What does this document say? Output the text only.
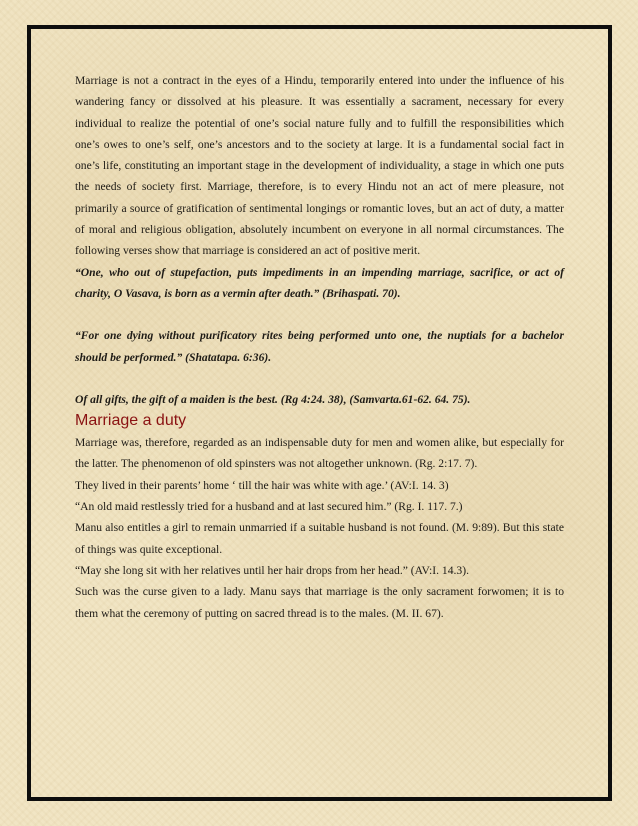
Marriage is not a contract in the eyes of a Hindu, temporarily entered into under the influence of his wandering fancy or dissolved at his pleasure. It was essentially a sacrament, necessary for every individual to realize the potential of one’s social nature fully and to fulfill the responsibilities which one’s owes to one’s self, one’s ancestors and to the society at large. It is a fundamental social fact in one’s life, constituting an important stage in the development of individuality, a stage in which one puts the needs of society first. Marriage, therefore, is to every Hindu not an act of mere pleasure, not primarily a source of gratification of sentimental longings or romantic loves, but an act of duty, a matter of moral and religious obligation, absolutely incumbent on everyone in all normal circumstances. The following verses show that marriage is considered an act of positive merit.

“One, who out of stupefaction, puts impediments in an impending marriage, sacrifice, or act of charity, O Vasava, is born as a vermin after death.” (Brihaspati. 70).

“For one dying without purificatory rites being performed unto one, the nuptials for a bachelor should be performed.” (Shatatapa. 6:36).

Of all gifts, the gift of a maiden is the best. (Rg 4:24. 38), (Samvarta.61-62. 64. 75).

Marriage a duty

Marriage was, therefore, regarded as an indispensable duty for men and women alike, but especially for the latter. The phenomenon of old spinsters was not altogether unknown. (Rg. 2:17. 7).

They lived in their parents’ home ‘ till the hair was white with age.’ (AV:I. 14. 3)

“An old maid restlessly tried for a husband and at last secured him.” (Rg. I. 117. 7.)

Manu also entitles a girl to remain unmarried if a suitable husband is not found. (M. 9:89). But this state of things was quite exceptional.

“May she long sit with her relatives until her hair drops from her head.” (AV:I. 14.3).

Such was the curse given to a lady. Manu says that marriage is the only sacrament forwomen; it is to them what the ceremony of putting on sacred thread is to the males. (M. II. 67).
